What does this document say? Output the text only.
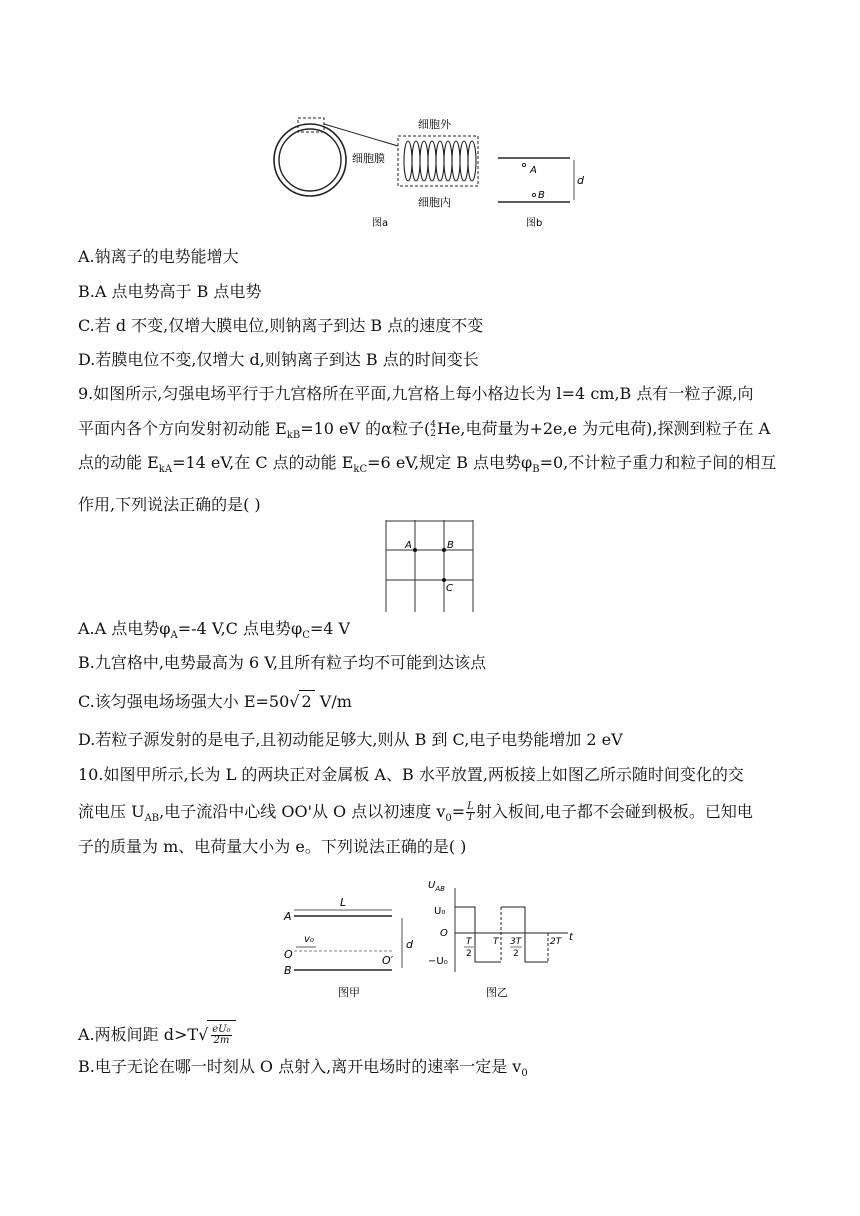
细胞外
细胞膜
细胞内
图a
A
B
d
图b
A.钠离子的电势能增大
B.A 点电势高于 B 点电势
C.若 d 不变,仅增大膜电位,则钠离子到达 B 点的速度不变
D.若膜电位不变,仅增大 d,则钠离子到达 B 点的时间变长
9.如图所示,匀强电场平行于九宫格所在平面,九宫格上每小格边长为 l=4 cm,B 点有一粒子源,向
平面内各个方向发射初动能 $E_{kB}=10$ eV 的α粒子( 4
2 He,电荷量为+2e,e 为元电荷),探测到粒子在 A
点的动能 $E_{kA}=14$ eV,在 C 点的动能 $E_{kC}=6$ eV,规定 B 点电势$\varphi_B=0$,不计粒子重力和粒子间的相互
作用,下列说法正确的是( )
A	B
C
A.A 点电势$\varphi_A=-4$ V,C 点电势$\varphi_C=4$ V
B.九宫格中,电势最高为 6 V,且所有粒子均不可能到达该点
C.该匀强电场场强大小 E=50√ 2 V/m
D.若粒子源发射的是电子,且初动能足够大,则从 B 到 C,电子电势能增加 2 eV
10.如图甲所示,长为 L 的两块正对金属板 A、B 水平放置,两板接上如图乙所示随时间变化的交
流电压 $U_{AB}$,电子流沿中心线 OO'从 O 点以初速度 $v_0= \frac{L}{T}$ 射入板间,电子都不会碰到极板。已知电
子的质量为 m、电荷量大小为 e。下列说法正确的是( )
L
A
v₀
O	O′
B
d
图甲
$U_{AB}$
t
U₀
O
−U₀
T
2
T 3T
2
2T
图乙
A.两板间距 $d>T√ \frac{\text{eU₀}}{2m}$
B.电子无论在哪一时刻从 O 点射入,离开电场时的速率一定是 $v_0$
